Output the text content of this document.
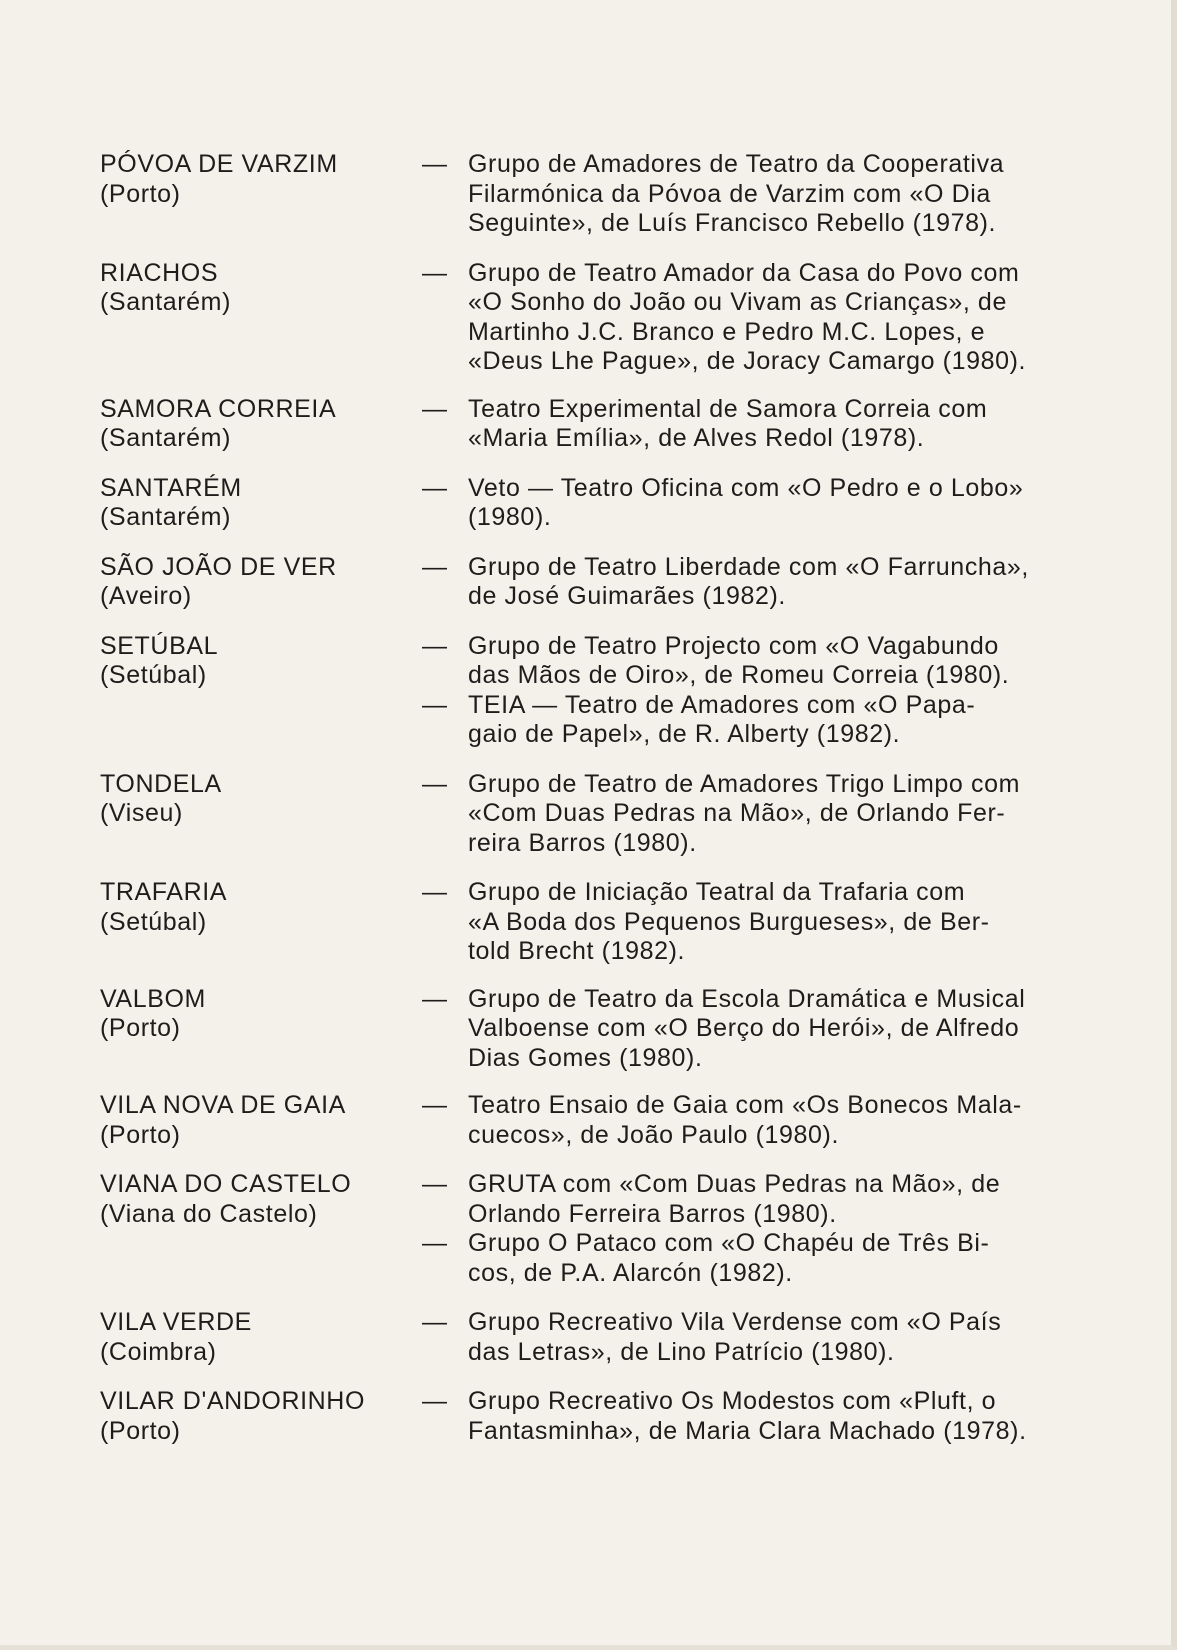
PÓVOA DE VARZIM
(Porto)
— Grupo de Amadores de Teatro da Cooperativa
Filarmónica da Póvoa de Varzim com «O Dia
Seguinte», de Luís Francisco Rebello (1978).
RIACHOS
(Santarém)
— Grupo de Teatro Amador da Casa do Povo com
«O Sonho do João ou Vivam as Crianças», de
Martinho J.C. Branco e Pedro M.C. Lopes, e
«Deus Lhe Pague», de Joracy Camargo (1980).
SAMORA CORREIA
(Santarém)
— Teatro Experimental de Samora Correia com
«Maria Emília», de Alves Redol (1978).
SANTARÉM
(Santarém)
— Veto — Teatro Oficina com «O Pedro e o Lobo»
(1980).
SÃO JOÃO DE VER
(Aveiro)
— Grupo de Teatro Liberdade com «O Farruncha»,
de José Guimarães (1982).
SETÚBAL
(Setúbal)
— Grupo de Teatro Projecto com «O Vagabundo
das Mãos de Oiro», de Romeu Correia (1980).
— TEIA — Teatro de Amadores com «O Papa-
gaio de Papel», de R. Alberty (1982).
TONDELA
(Viseu)
— Grupo de Teatro de Amadores Trigo Limpo com
«Com Duas Pedras na Mão», de Orlando Fer-
reira Barros (1980).
TRAFARIA
(Setúbal)
— Grupo de Iniciação Teatral da Trafaria com
«A Boda dos Pequenos Burgueses», de Ber-
told Brecht (1982).
VALBOM
(Porto)
— Grupo de Teatro da Escola Dramática e Musical
Valboense com «O Berço do Herói», de Alfredo
Dias Gomes (1980).
VILA NOVA DE GAIA
(Porto)
— Teatro Ensaio de Gaia com «Os Bonecos Mala-
cuecos», de João Paulo (1980).
VIANA DO CASTELO
(Viana do Castelo)
— GRUTA com «Com Duas Pedras na Mão», de
Orlando Ferreira Barros (1980).
— Grupo O Pataco com «O Chapéu de Três Bi-
cos, de P.A. Alarcón (1982).
VILA VERDE
(Coimbra)
— Grupo Recreativo Vila Verdense com «O País
das Letras», de Lino Patrício (1980).
VILAR D'ANDORINHO
(Porto)
— Grupo Recreativo Os Modestos com «Pluft, o
Fantasminha», de Maria Clara Machado (1978).
